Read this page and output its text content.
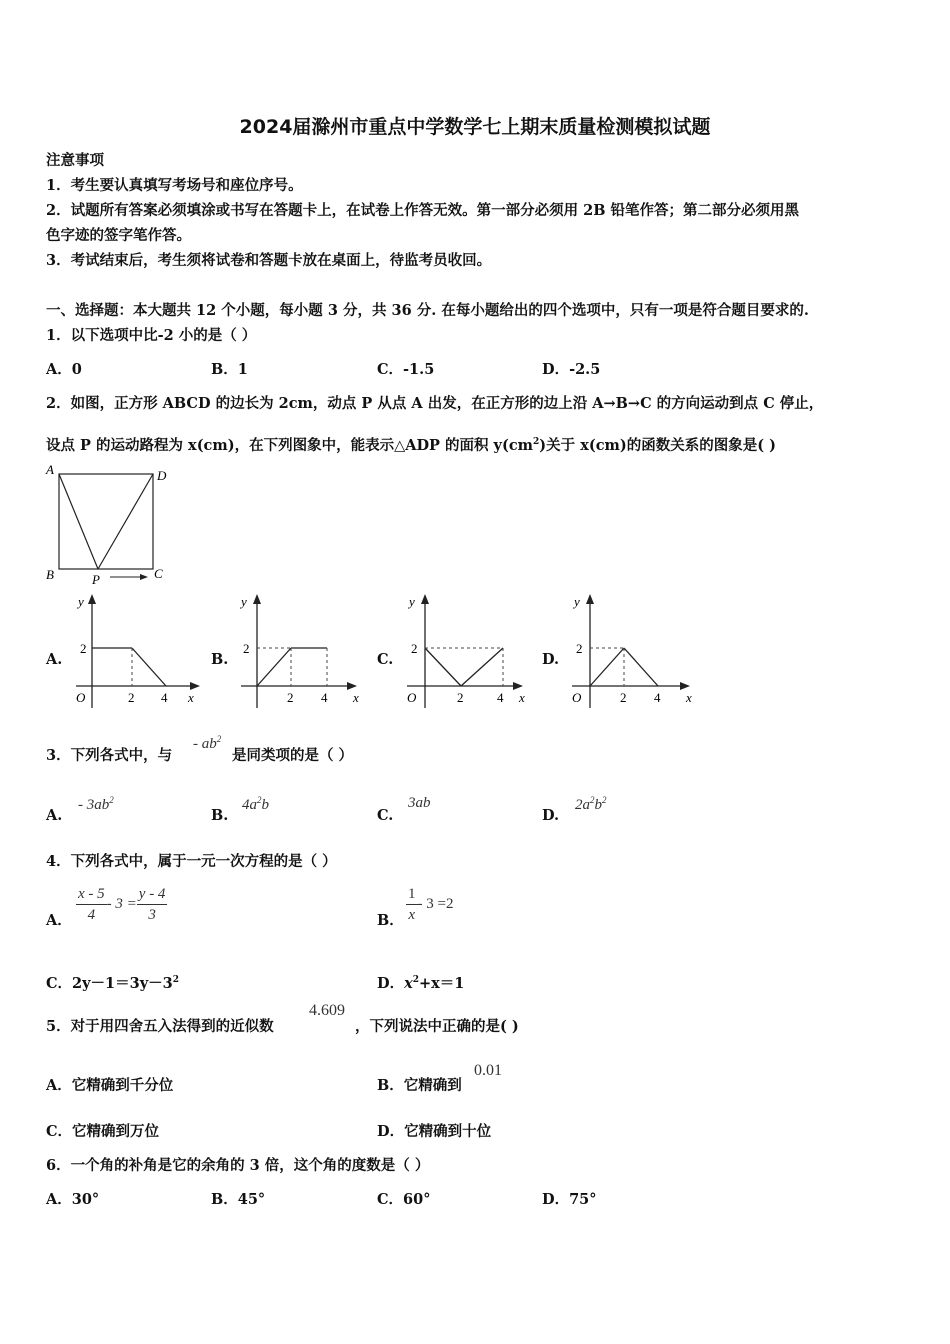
2024届滁州市重点中学数学七上期末质量检测模拟试题
注意事项
1．考生要认真填写考场号和座位序号。
2．试题所有答案必须填涂或书写在答题卡上，在试卷上作答无效。第一部分必须用 2B 铅笔作答；第二部分必须用黑
色字迹的签字笔作答。
3．考试结束后，考生须将试卷和答题卡放在桌面上，待监考员收回。
一、选择题：本大题共 12 个小题，每小题 3 分，共 36 分. 在每小题给出的四个选项中，只有一项是符合题目要求的.
1．以下选项中比-2 小的是（ ）
A．0	B．1	C．-1.5	D．-2.5
2．如图，正方形 ABCD 的边长为 2cm，动点 P 从点 A 出发，在正方形的边上沿 A→B→C 的方向运动到点 C 停止，
设点 P 的运动路程为 x(cm)，在下列图象中，能表示△ADP 的面积 $y(cm^2)$关于 x(cm)的函数关系的图象是( )
A	D
B	C
P
A.	B.	C.	D.
y
2
O	2 4 x
y
2
2 4 x
y
2
O	2	4 x
y
2
O	2 4 x
3．下列各式中，与
- $ab^2$
是同类项的是（ ）
A.
- $3ab^2$
B.
$4a^2b$
C.
3ab
D.
$2a^2b^2$
4．下列各式中，属于一元一次方程的是（ ）
A． $\frac{x - 5}{4} - 3 = \frac{y - 4}{3}$	B． $\frac{1}{x} - 3 =2$
C．$2y-1=3y-3^2$	D．$x^2+x=1$
5．对于用四舍五入法得到的近似数
4.609
，下列说法中正确的是( )
A．它精确到千分位	B．它精确到
0.01
C．它精确到万位	D．它精确到十位
6．一个角的补角是它的余角的 3 倍，这个角的度数是（ ）
A．30°	B．45°	C．60°	D．75°
